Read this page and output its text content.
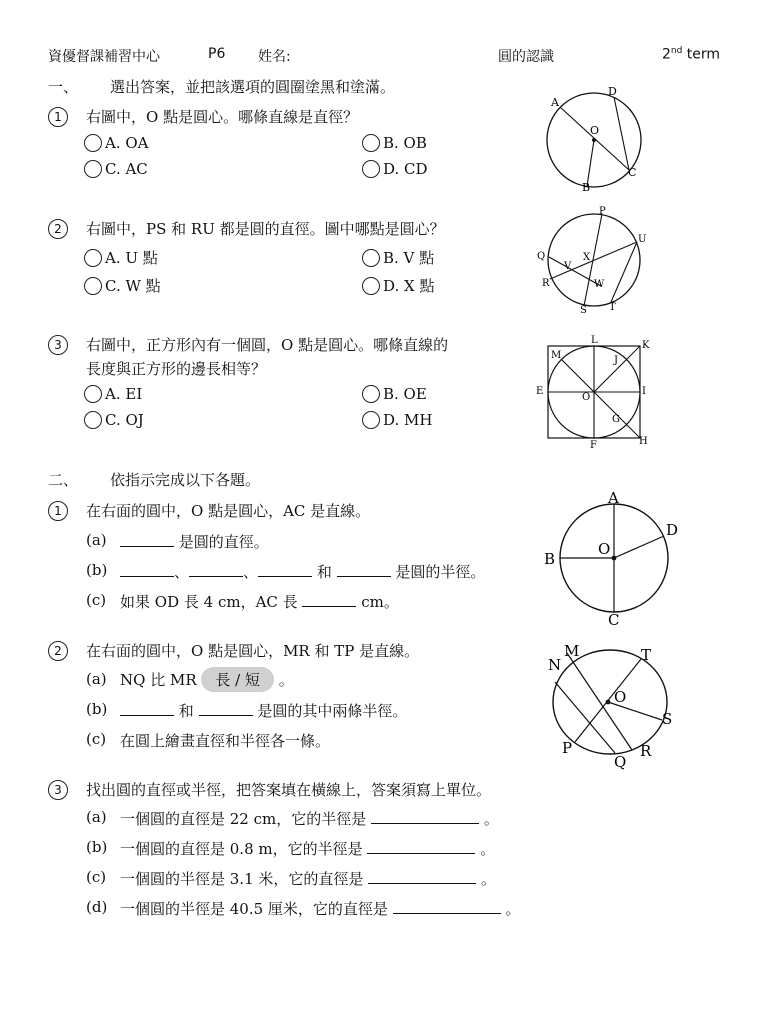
資優督課補習中心	P6 姓名:	圓的認識	2nd term
一、 選出答案，並把該選項的圓圈塗黑和塗滿。
1	右圖中，O 點是圓心。哪條直線是直徑？
A. OA	B. OB
C. AC	D. CD
A
D
O
B
C
2	右圖中，PS 和 RU 都是圓的直徑。圖中哪點是圓心？
A. U 點	B. V 點
C. W 點	D. X 點
P
U
Q
V
X
R	W
S T
3	右圖中，正方形內有一個圓，O 點是圓心。哪條直線的
長度與正方形的邊長相等？
A. EI	B. OE
C. OJ	D. MH
L	K
M	J
E
O
I
G
F	H
二、 依指示完成以下各題。
1	在右面的圓中，O 點是圓心，AC 是直線。
(a)	是圓的直徑。
(b)	、	、	和	是圓的半徑。
(c) 如果 OD 長 4 cm，AC 長	cm。
A
D
O
B
C
2	在右面的圓中，O 點是圓心，MR 和 TP 是直線。
(a) NQ 比 MR 長 / 短 。
(b)	和	是圓的其中兩條半徑。
(c) 在圓上繪畫直徑和半徑各一條。
M	T
N
O
S
P	R
Q
3	找出圓的直徑或半徑，把答案填在橫線上，答案須寫上單位。
(a) 一個圓的直徑是 22 cm，它的半徑是	。
(b) 一個圓的直徑是 0.8 m，它的半徑是	。
(c) 一個圓的半徑是 3.1 米，它的直徑是	。
(d) 一個圓的半徑是 40.5 厘米，它的直徑是	。
